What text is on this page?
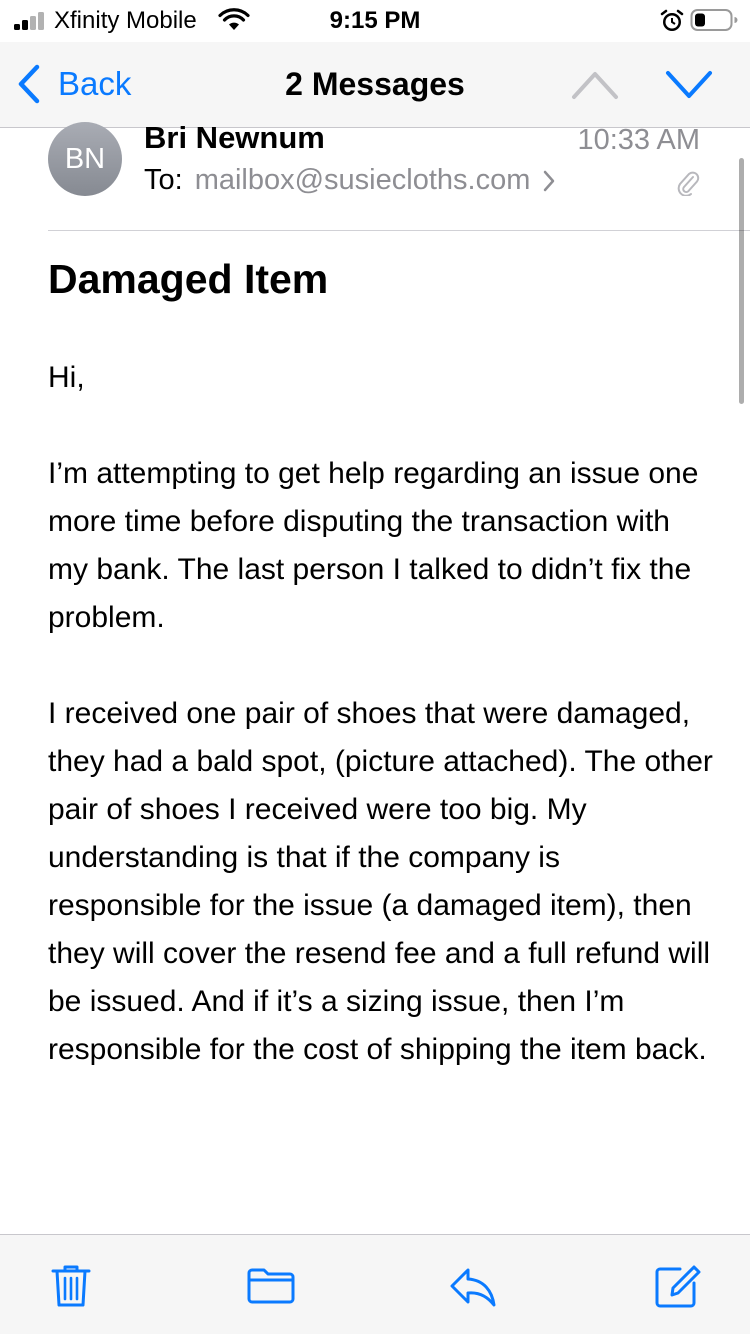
Xfinity Mobile	9:15 PM
Back	2 Messages
BN
Bri Newnum	10:33 AM
To: mailbox@susiecloths.com
Damaged Item

Hi,

I’m attempting to get help regarding an issue one more time before disputing the transaction with my bank. The last person I talked to didn’t fix the problem.

I received one pair of shoes that were damaged, they had a bald spot, (picture attached). The other pair of shoes I received were too big. My understanding is that if the company is responsible for the issue (a damaged item), then they will cover the resend fee and a full refund will be issued. And if it’s a sizing issue, then I’m responsible for the cost of shipping the item back.
